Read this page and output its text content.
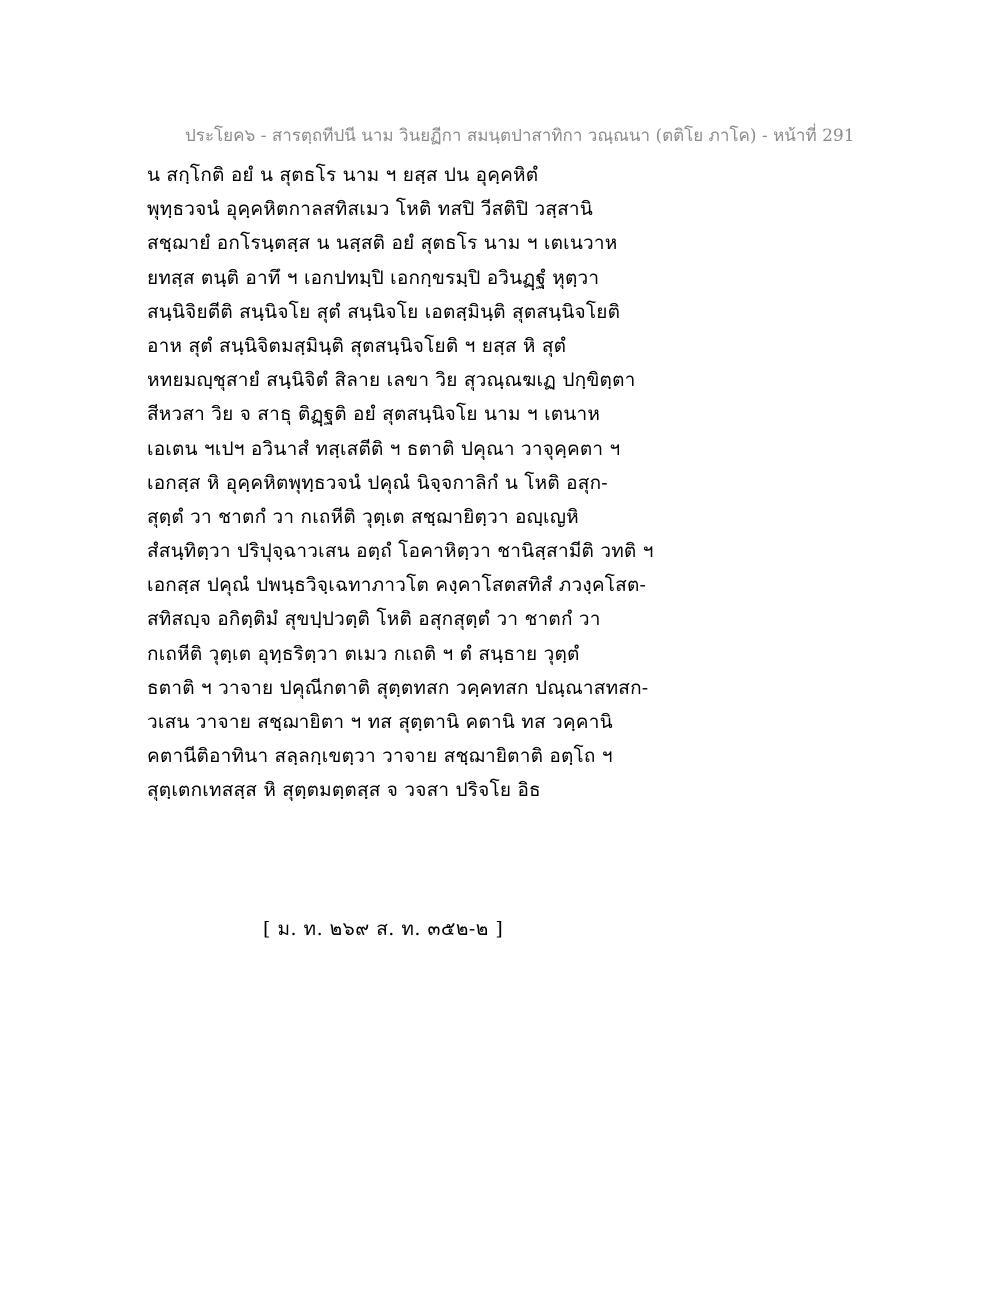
ประโยค๖ - สารตฺถทีปนี นาม วินยฏีกา สมนฺตปาสาทิกา วณฺณนา (ตติโย ภาโค) - หน้าที่ 291
น สกฺโกติ อยํ น สุตธโร นาม ฯ ยสฺส ปน อุคฺคหิตํ
พุทฺธวจนํ อุคฺคหิตกาลสทิสเมว โหติ ทสปิ วีสติปิ วสฺสานิ
สชฺฌายํ อกโรนฺตสฺส น นสฺสติ อยํ สุตธโร นาม ฯ เตเนวาห
ยทสฺส ตนฺติ อาทึ ฯ เอกปทมฺปิ เอกกฺขรมฺปิ อวินฏฺฐํ หุตฺวา
สนฺนิจิยตีติ สนฺนิจโย สุตํ สนฺนิจโย เอตสฺมินฺติ สุตสนฺนิจโยติ
อาห สุตํ สนฺนิจิตมสฺมินฺติ สุตสนฺนิจโยติ ฯ ยสฺส หิ สุตํ
หทยมญฺชุสายํ สนฺนิจิตํ สิลาย เลขา วิย สุวณฺณฆเฏ ปกฺขิตฺตา
สีหวสา วิย จ สาธุ ติฏฺฐติ อยํ สุตสนฺนิจโย นาม ฯ เตนาห
เอเตน ฯเปฯ อวินาสํ ทสฺเสตีติ ฯ ธตาติ ปคุณา วาจุคฺคตา ฯ
เอกสฺส หิ อุคฺคหิตพุทฺธวจนํ ปคุณํ นิจฺจกาลิกํ น โหติ อสุก-
สุตฺตํ วา ชาตกํ วา กเถหีติ วุตฺเต สชฺฌายิตฺวา อญฺเญหิ
สํสนฺทิตฺวา ปริปุจฺฉาวเสน อตฺถํ โอคาหิตฺวา ชานิสฺสามีติ วทติ ฯ
เอกสฺส ปคุณํ ปพนฺธวิจฺเฉทาภาวโต คงฺคาโสตสทิสํ ภวงฺคโสต-
สทิสญฺจ อกิตฺติมํ สุขปฺปวตฺติ โหติ อสุกสุตฺตํ วา ชาตกํ วา
กเถหีติ วุตฺเต อุทฺธริตฺวา ตเมว กเถติ ฯ ตํ สนฺธาย วุตฺตํ
ธตาติ ฯ วาจาย ปคุณีกตาติ สุตฺตทสก วคฺคทสก ปณฺณาสทสก-
วเสน วาจาย สชฺฌายิตา ฯ ทส สุตฺตานิ คตานิ ทส วคฺคานิ
คตานีติอาทินา สลฺลกฺเขตฺวา วาจาย สชฺฌายิตาติ อตฺโถ ฯ
สุตฺเตกเทสสฺส หิ สุตฺตมตฺตสฺส จ วจสา ปริจโย อิธ
[ ม. ท. ๒๖๙ ส. ท. ๓๕๒-๒ ]
